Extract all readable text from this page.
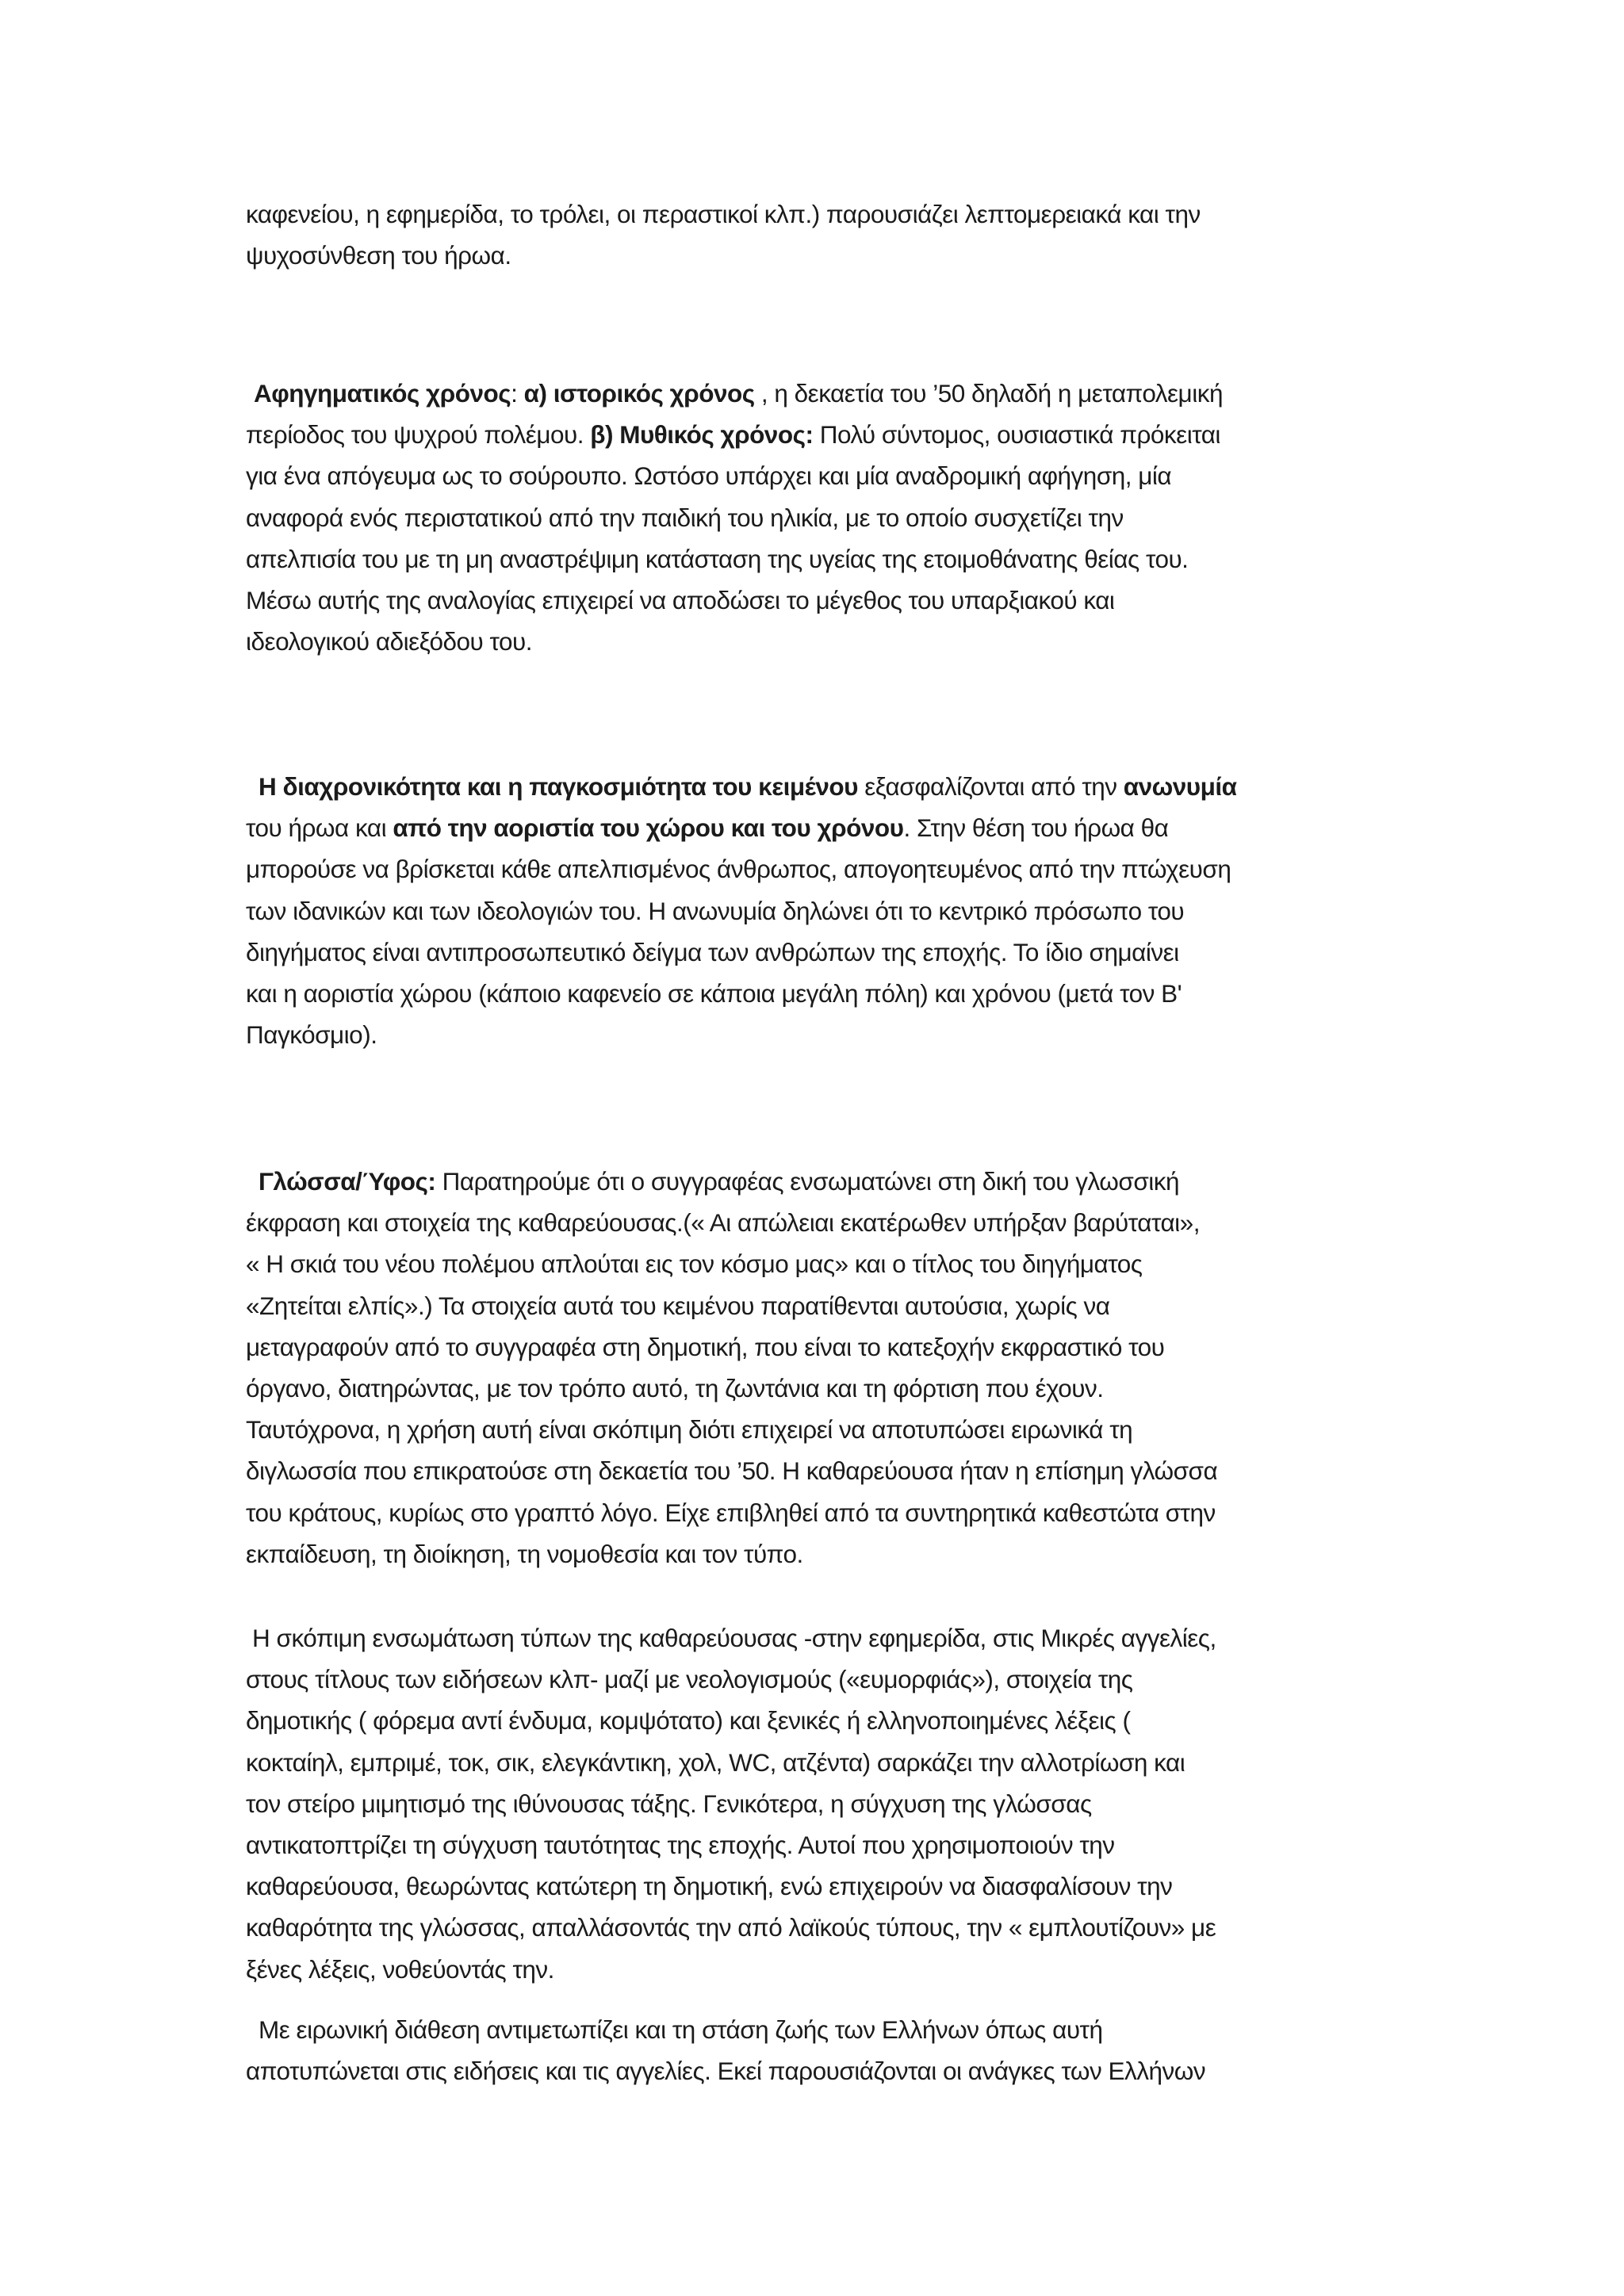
καφενείου, η εφημερίδα, το τρόλει, οι περαστικοί κλπ.) παρουσιάζει λεπτομερειακά και την
ψυχοσύνθεση του ήρωα.
Αφηγηματικός χρόνος: α) ιστορικός χρόνος , η δεκαετία του ’50 δηλαδή η μεταπολεμική
περίοδος του ψυχρού πολέμου. β) Μυθικός χρόνος: Πολύ σύντομος, ουσιαστικά πρόκειται
για ένα απόγευμα ως το σούρουπο. Ωστόσο υπάρχει και μία αναδρομική αφήγηση, μία
αναφορά ενός περιστατικού από την παιδική του ηλικία, με το οποίο συσχετίζει την
απελπισία του με τη μη αναστρέψιμη κατάσταση της υγείας της ετοιμοθάνατης θείας του.
Μέσω αυτής της αναλογίας επιχειρεί να αποδώσει το μέγεθος του υπαρξιακού και
ιδεολογικού αδιεξόδου του.
Η διαχρονικότητα και η παγκοσμιότητα του κειμένου εξασφαλίζονται από την ανωνυμία
του ήρωα και από την αοριστία του χώρου και του χρόνου. Στην θέση του ήρωα θα
μπορούσε να βρίσκεται κάθε απελπισμένος άνθρωπος, απογοητευμένος από την πτώχευση
των ιδανικών και των ιδεολογιών του. Η ανωνυμία δηλώνει ότι το κεντρικό πρόσωπο του
διηγήματος είναι αντιπροσωπευτικό δείγμα των ανθρώπων της εποχής. Το ίδιο σημαίνει
και η αοριστία χώρου (κάποιο καφενείο σε κάποια μεγάλη πόλη) και χρόνου (μετά τον Β'
Παγκόσμιο).
Γλώσσα/Ύφος: Παρατηρούμε ότι ο συγγραφέας ενσωματώνει στη δική του γλωσσική
έκφραση και στοιχεία της καθαρεύουσας.(« Αι απώλειαι εκατέρωθεν υπήρξαν βαρύταται»,
« Η σκιά του νέου πολέμου απλούται εις τον κόσμο μας» και ο τίτλος του διηγήματος
«Ζητείται ελπίς».) Τα στοιχεία αυτά του κειμένου παρατίθενται αυτούσια, χωρίς να
μεταγραφούν από το συγγραφέα στη δημοτική, που είναι το κατεξοχήν εκφραστικό του
όργανο, διατηρώντας, με τον τρόπο αυτό, τη ζωντάνια και τη φόρτιση που έχουν.
Ταυτόχρονα, η χρήση αυτή είναι σκόπιμη διότι επιχειρεί να αποτυπώσει ειρωνικά τη
διγλωσσία που επικρατούσε στη δεκαετία του ’50. Η καθαρεύουσα ήταν η επίσημη γλώσσα
του κράτους, κυρίως στο γραπτό λόγο. Είχε επιβληθεί από τα συντηρητικά καθεστώτα στην
εκπαίδευση, τη διοίκηση, τη νομοθεσία και τον τύπο.
Η σκόπιμη ενσωμάτωση τύπων της καθαρεύουσας -στην εφημερίδα, στις Μικρές αγγελίες,
στους τίτλους των ειδήσεων κλπ- μαζί με νεολογισμούς («ευμορφιάς»), στοιχεία της
δημοτικής ( φόρεμα αντί ένδυμα, κομψότατο) και ξενικές ή ελληνοποιημένες λέξεις (
κοκταίηλ, εμπριμέ, τοκ, σικ, ελεγκάντικη, χολ, WC, ατζέντα) σαρκάζει την αλλοτρίωση και
τον στείρο μιμητισμό της ιθύνουσας τάξης. Γενικότερα, η σύγχυση της γλώσσας
αντικατοπτρίζει τη σύγχυση ταυτότητας της εποχής. Αυτοί που χρησιμοποιούν την
καθαρεύουσα, θεωρώντας κατώτερη τη δημοτική, ενώ επιχειρούν να διασφαλίσουν την
καθαρότητα της γλώσσας, απαλλάσοντάς την από λαϊκούς τύπους, την « εμπλουτίζουν» με
ξένες λέξεις, νοθεύοντάς την.
Με ειρωνική διάθεση αντιμετωπίζει και τη στάση ζωής των Ελλήνων όπως αυτή
αποτυπώνεται στις ειδήσεις και τις αγγελίες. Εκεί παρουσιάζονται οι ανάγκες των Ελλήνων
